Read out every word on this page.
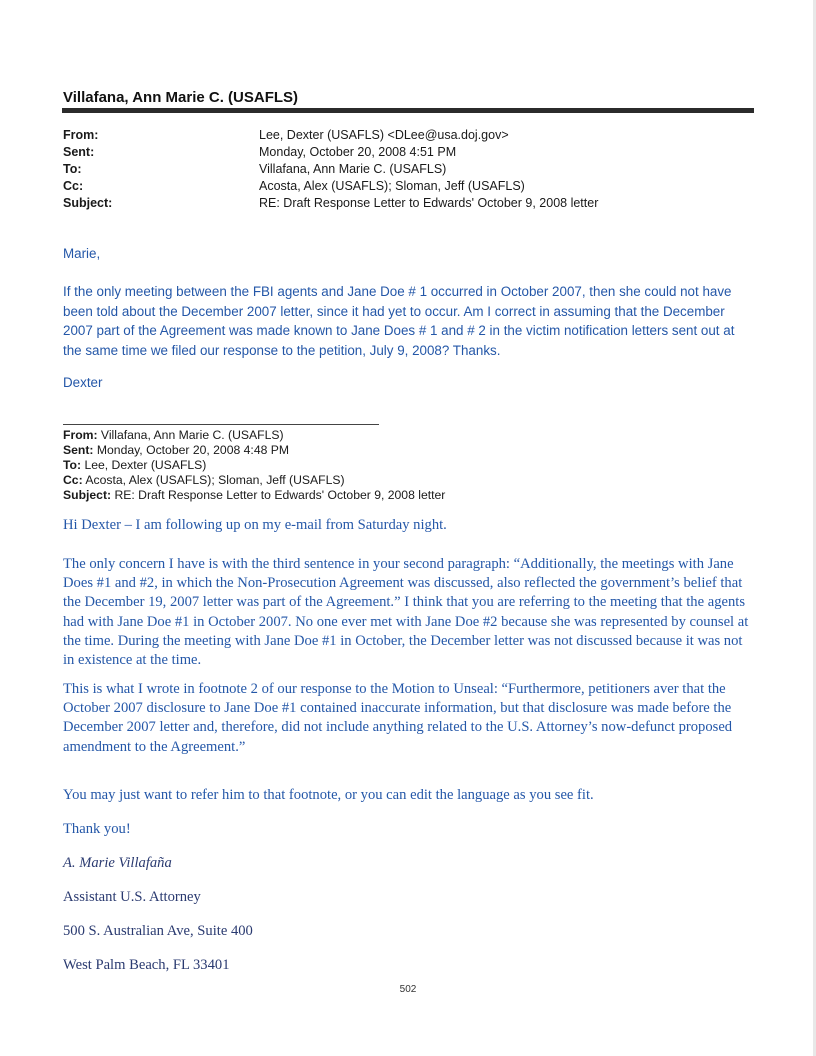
Villafana, Ann Marie C. (USAFLS)
From:	Lee, Dexter (USAFLS) <DLee@usa.doj.gov>
Sent:	Monday, October 20, 2008 4:51 PM
To:	Villafana, Ann Marie C. (USAFLS)
Cc:	Acosta, Alex (USAFLS); Sloman, Jeff (USAFLS)
Subject:	RE: Draft Response Letter to Edwards' October 9, 2008 letter
Marie,
If the only meeting between the FBI agents and Jane Doe # 1 occurred in October 2007, then she could not have been told about the December 2007 letter, since it had yet to occur. Am I correct in assuming that the December 2007 part of the Agreement was made known to Jane Does # 1 and # 2 in the victim notification letters sent out at the same time we filed our response to the petition, July 9, 2008? Thanks.
Dexter
From: Villafana, Ann Marie C. (USAFLS)
Sent: Monday, October 20, 2008 4:48 PM
To: Lee, Dexter (USAFLS)
Cc: Acosta, Alex (USAFLS); Sloman, Jeff (USAFLS)
Subject: RE: Draft Response Letter to Edwards' October 9, 2008 letter
Hi Dexter – I am following up on my e-mail from Saturday night.
The only concern I have is with the third sentence in your second paragraph: “Additionally, the meetings with Jane Does #1 and #2, in which the Non-Prosecution Agreement was discussed, also reflected the government’s belief that the December 19, 2007 letter was part of the Agreement.” I think that you are referring to the meeting that the agents had with Jane Doe #1 in October 2007. No one ever met with Jane Doe #2 because she was represented by counsel at the time. During the meeting with Jane Doe #1 in October, the December letter was not discussed because it was not in existence at the time.
This is what I wrote in footnote 2 of our response to the Motion to Unseal: “Furthermore, petitioners aver that the October 2007 disclosure to Jane Doe #1 contained inaccurate information, but that disclosure was made before the December 2007 letter and, therefore, did not include anything related to the U.S. Attorney’s now-defunct proposed amendment to the Agreement.”
You may just want to refer him to that footnote, or you can edit the language as you see fit.
Thank you!
A. Marie Villafaña
Assistant U.S. Attorney
500 S. Australian Ave, Suite 400
West Palm Beach, FL 33401
502
